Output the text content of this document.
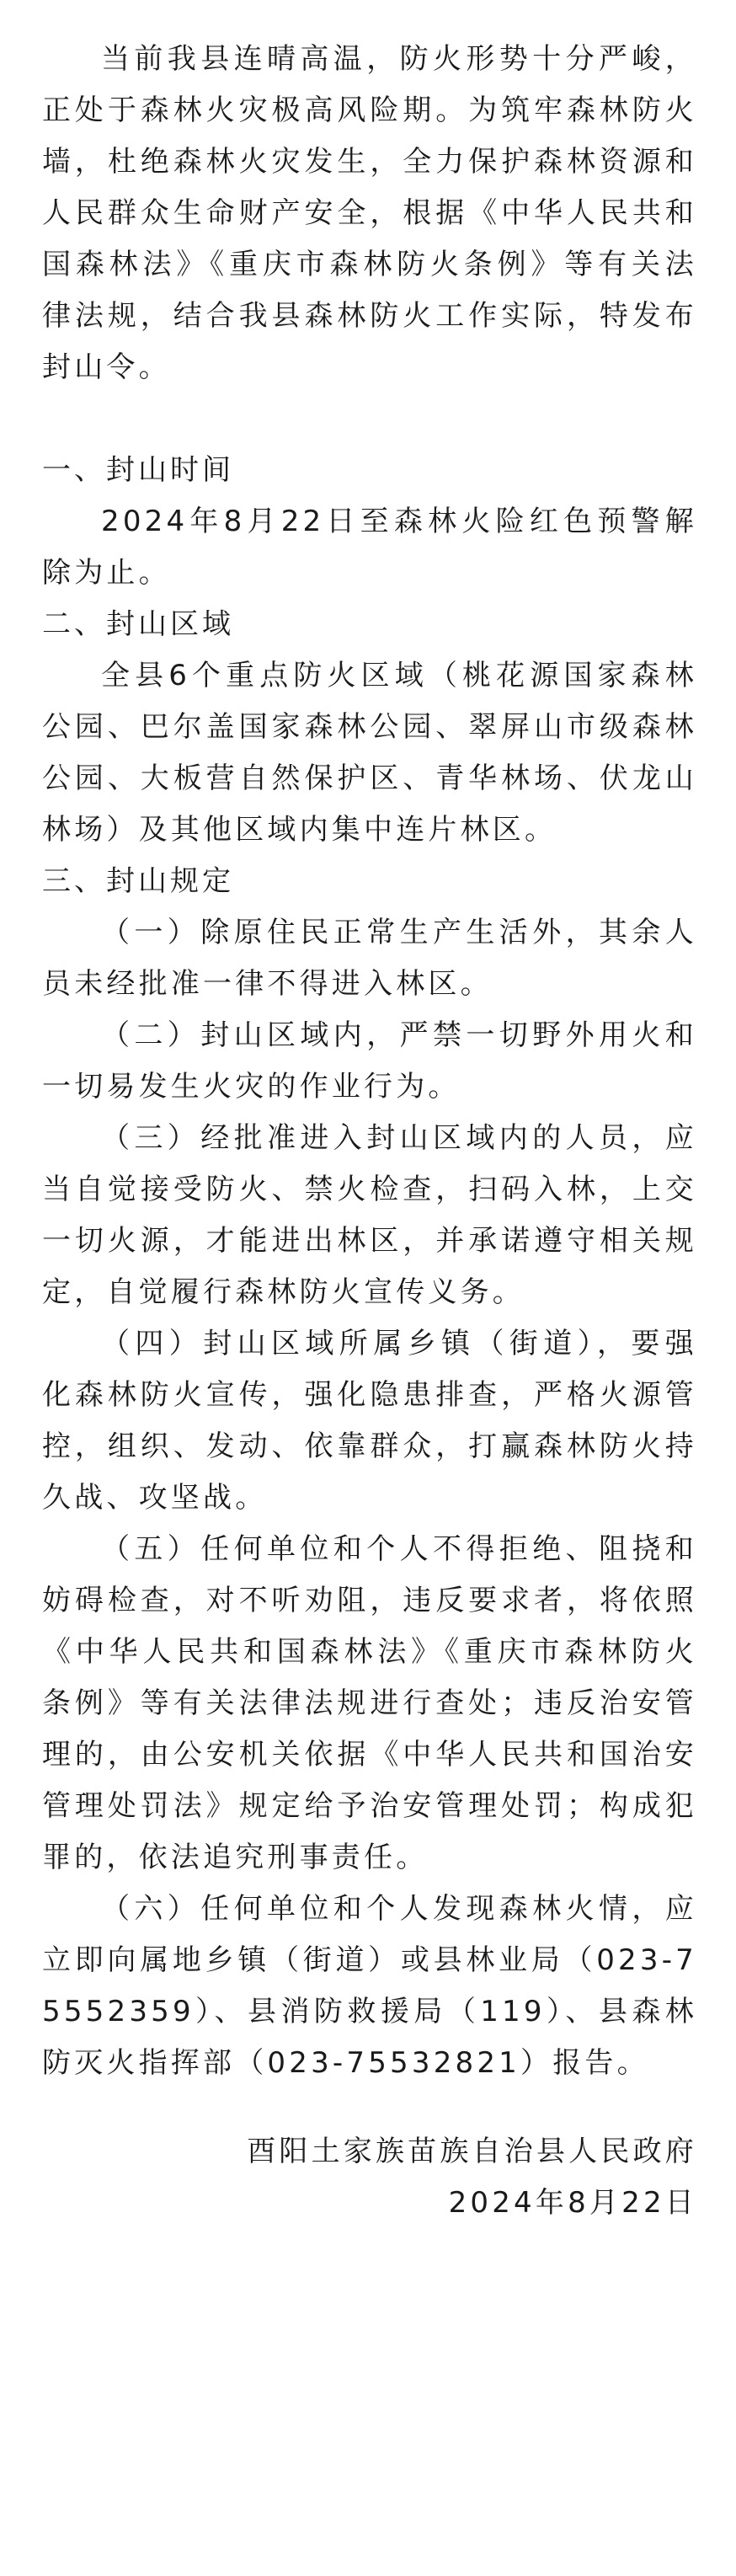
当前我县连晴高温，防火形势十分严峻，正处于森林火灾极高风险期。为筑牢森林防火墙，杜绝森林火灾发生，全力保护森林资源和人民群众生命财产安全，根据《中华人民共和国森林法》《重庆市森林防火条例》等有关法律法规，结合我县森林防火工作实际，特发布封山令。

一、封山时间

2024年8月22日至森林火险红色预警解除为止。

二、封山区域

全县6个重点防火区域（桃花源国家森林公园、巴尔盖国家森林公园、翠屏山市级森林公园、大板营自然保护区、青华林场、伏龙山林场）及其他区域内集中连片林区。

三、封山规定

（一）除原住民正常生产生活外，其余人员未经批准一律不得进入林区。

（二）封山区域内，严禁一切野外用火和一切易发生火灾的作业行为。

（三）经批准进入封山区域内的人员，应当自觉接受防火、禁火检查，扫码入林，上交一切火源，才能进出林区，并承诺遵守相关规定，自觉履行森林防火宣传义务。

（四）封山区域所属乡镇（街道），要强化森林防火宣传，强化隐患排查，严格火源管控，组织、发动、依靠群众，打赢森林防火持久战、攻坚战。

（五）任何单位和个人不得拒绝、阻挠和妨碍检查，对不听劝阻，违反要求者，将依照《中华人民共和国森林法》《重庆市森林防火条例》等有关法律法规进行查处；违反治安管理的，由公安机关依据《中华人民共和国治安管理处罚法》规定给予治安管理处罚；构成犯罪的，依法追究刑事责任。

（六）任何单位和个人发现森林火情，应立即向属地乡镇（街道）或县林业局（023-75552359）、县消防救援局（119）、县森林防灭火指挥部（023-75532821）报告。

酉阳土家族苗族自治县人民政府

2024年8月22日
